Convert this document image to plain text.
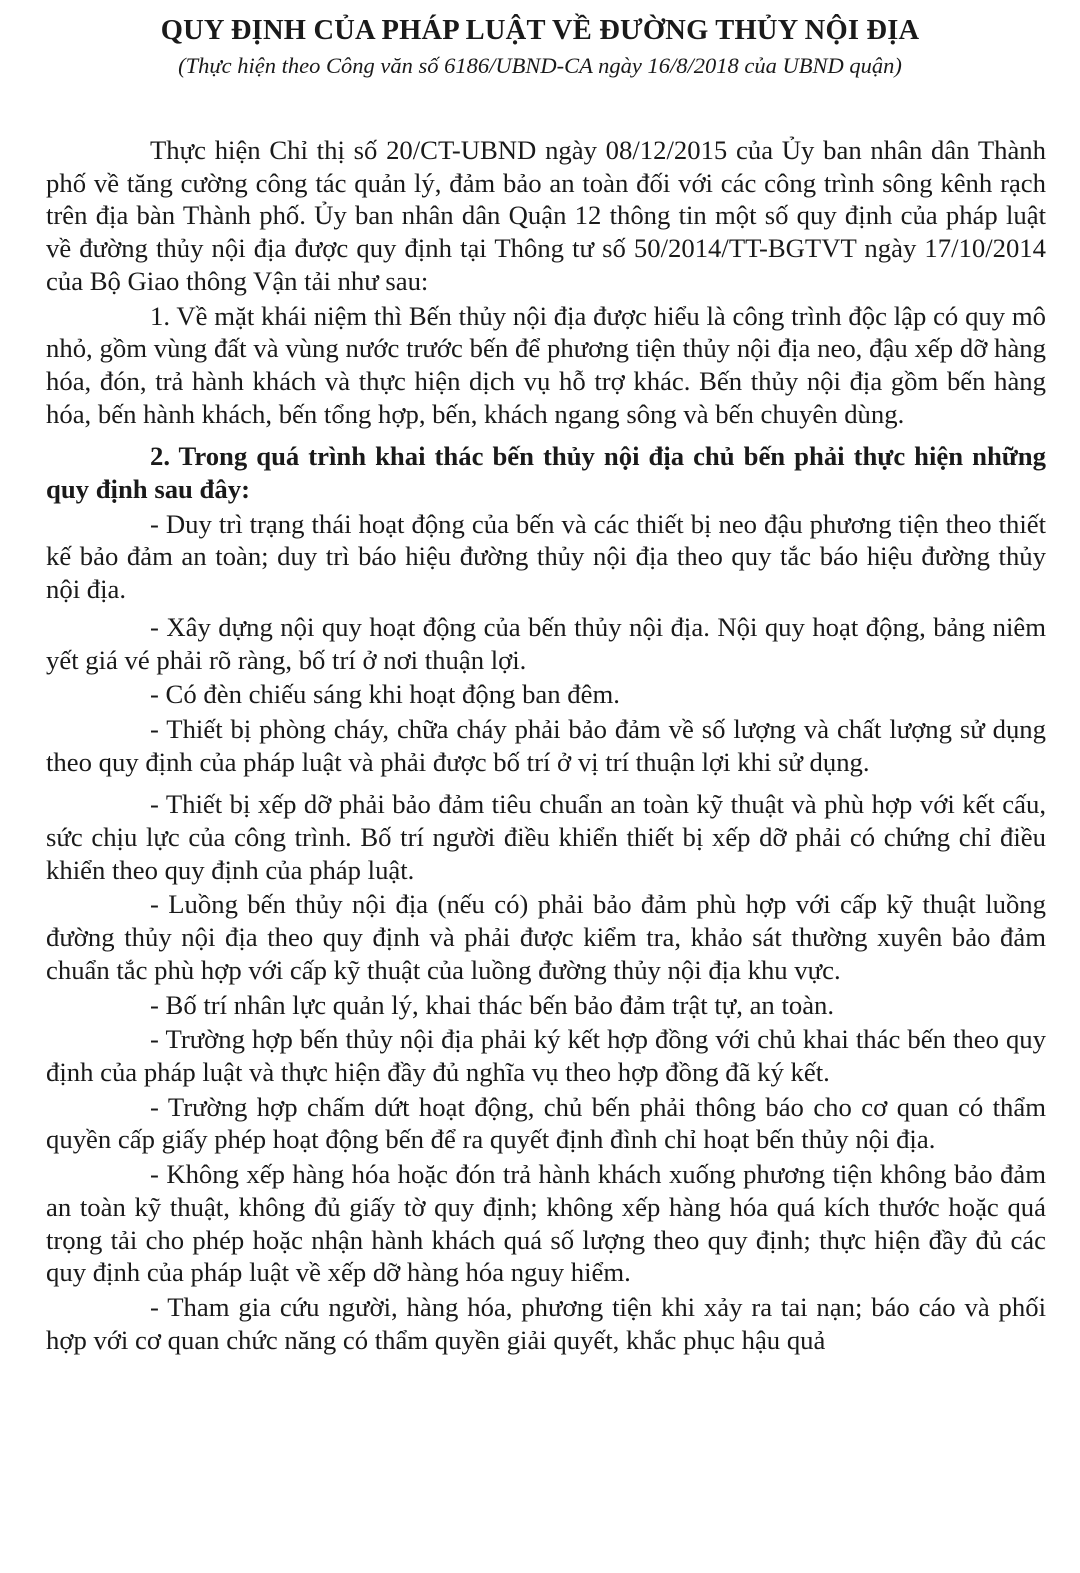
QUY ĐỊNH CỦA PHÁP LUẬT VỀ ĐƯỜNG THỦY NỘI ĐỊA

(Thực hiện theo Công văn số 6186/UBND-CA ngày 16/8/2018 của UBND quận)

Thực hiện Chỉ thị số 20/CT-UBND ngày 08/12/2015 của Ủy ban nhân dân Thành phố về tăng cường công tác quản lý, đảm bảo an toàn đối với các công trình sông kênh rạch trên địa bàn Thành phố. Ủy ban nhân dân Quận 12 thông tin một số quy định của pháp luật về đường thủy nội địa được quy định tại Thông tư số 50/2014/TT-BGTVT ngày 17/10/2014 của Bộ Giao thông Vận tải như sau:

1. Về mặt khái niệm thì Bến thủy nội địa được hiểu là công trình độc lập có quy mô nhỏ, gồm vùng đất và vùng nước trước bến để phương tiện thủy nội địa neo, đậu xếp dỡ hàng hóa, đón, trả hành khách và thực hiện dịch vụ hỗ trợ khác. Bến thủy nội địa gồm bến hàng hóa, bến hành khách, bến tổng hợp, bến, khách ngang sông và bến chuyên dùng.

2. Trong quá trình khai thác bến thủy nội địa chủ bến phải thực hiện những quy định sau đây:

- Duy trì trạng thái hoạt động của bến và các thiết bị neo đậu phương tiện theo thiết kế bảo đảm an toàn; duy trì báo hiệu đường thủy nội địa theo quy tắc báo hiệu đường thủy nội địa.

- Xây dựng nội quy hoạt động của bến thủy nội địa. Nội quy hoạt động, bảng niêm yết giá vé phải rõ ràng, bố trí ở nơi thuận lợi.

- Có đèn chiếu sáng khi hoạt động ban đêm.

- Thiết bị phòng cháy, chữa cháy phải bảo đảm về số lượng và chất lượng sử dụng theo quy định của pháp luật và phải được bố trí ở vị trí thuận lợi khi sử dụng.

- Thiết bị xếp dỡ phải bảo đảm tiêu chuẩn an toàn kỹ thuật và phù hợp với kết cấu, sức chịu lực của công trình. Bố trí người điều khiển thiết bị xếp dỡ phải có chứng chỉ điều khiển theo quy định của pháp luật.

- Luồng bến thủy nội địa (nếu có) phải bảo đảm phù hợp với cấp kỹ thuật luồng đường thủy nội địa theo quy định và phải được kiểm tra, khảo sát thường xuyên bảo đảm chuẩn tắc phù hợp với cấp kỹ thuật của luồng đường thủy nội địa khu vực.

- Bố trí nhân lực quản lý, khai thác bến bảo đảm trật tự, an toàn.

- Trường hợp bến thủy nội địa phải ký kết hợp đồng với chủ khai thác bến theo quy định của pháp luật và thực hiện đầy đủ nghĩa vụ theo hợp đồng đã ký kết.

- Trường hợp chấm dứt hoạt động, chủ bến phải thông báo cho cơ quan có thẩm quyền cấp giấy phép hoạt động bến để ra quyết định đình chỉ hoạt bến thủy nội địa.

- Không xếp hàng hóa hoặc đón trả hành khách xuống phương tiện không bảo đảm an toàn kỹ thuật, không đủ giấy tờ quy định; không xếp hàng hóa quá kích thước hoặc quá trọng tải cho phép hoặc nhận hành khách quá số lượng theo quy định; thực hiện đầy đủ các quy định của pháp luật về xếp dỡ hàng hóa nguy hiểm.

- Tham gia cứu người, hàng hóa, phương tiện khi xảy ra tai nạn; báo cáo và phối hợp với cơ quan chức năng có thẩm quyền giải quyết, khắc phục hậu quả
